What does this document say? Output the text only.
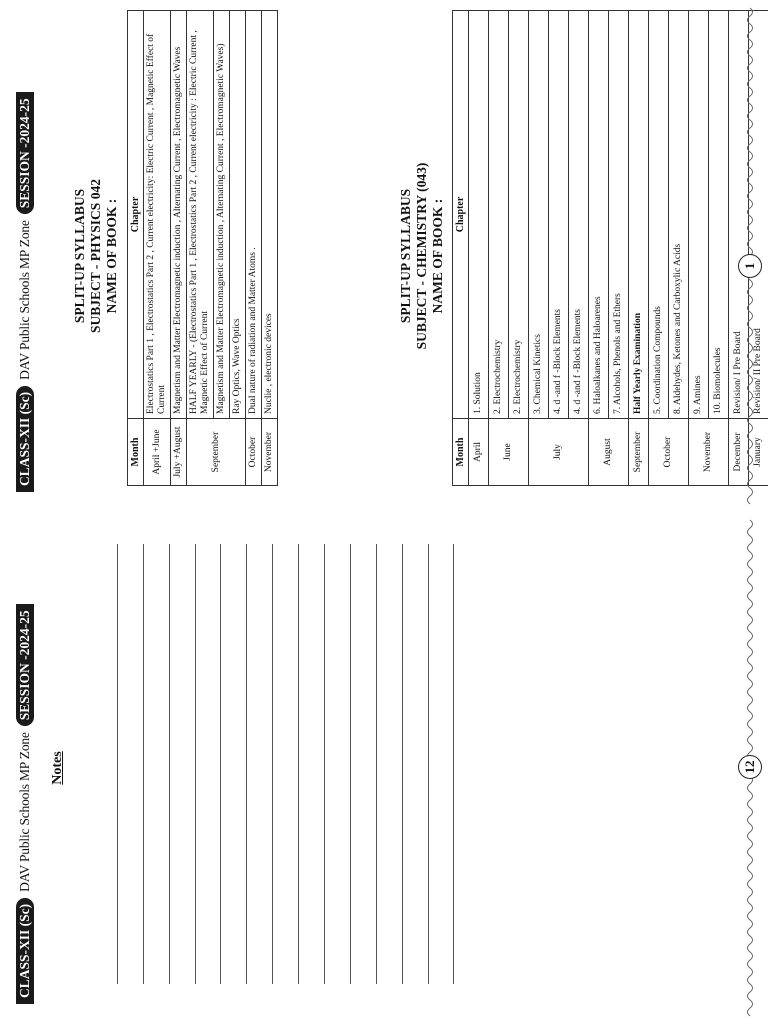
CLASS-XII (Sc)
DAV Public Schools MP Zone
SESSION -2024-25
Notes	12
CLASS-XII (Sc)
DAV Public Schools MP Zone
SESSION -2024-25
SPLIT-UP SYLLABUS SUBJECT - PHYSICS 042 NAME OF BOOK :
Month	Chapter
April +June	Electrostatics Part 1 , Electrostatics Part 2 , Current electricity: Electric Current , Magnetic Effect of Current
July +August	Magnetism and Matter Electromagnetic induction , Alternating Current , Electromagnetic Waves
September	HALF YEARLY - (Electrostatics Part 1 , Electrostatics Part 2 , Current electricity : Electric Current , Magnetic Effect of Current
	Magnetism and Matter Electromagnetic induction , Alternating Current , Electromagnetic Waves)
	Ray Optics, Wave Optics
October	Dual nature of radiation and Matter Atoms .
November	Nuclie , electronic devices
SPLIT-UP SYLLABUS SUBJECT - CHEMISTRY (043) NAME OF BOOK :
Month	Chapter
April	1. Solution
June	2. Electrochemistry
	2. Electrochemistry
July	3. Chemical Kinetics
	4. d -and f -Block Elements
	4. d -and f -Block Elements
August	6. Haloalkanes and Haloarenes
	7. Alcohols, Phenols and Ethers
September	Half Yearly Examination
October	5. Coordination Compounds
	8. Aldehydes, Ketones and Carboxylic Acids
November	9. Amines
	10. Biomolecules
December	Revision/ I Pre Board
January	Revision/ II Pre Board
1
